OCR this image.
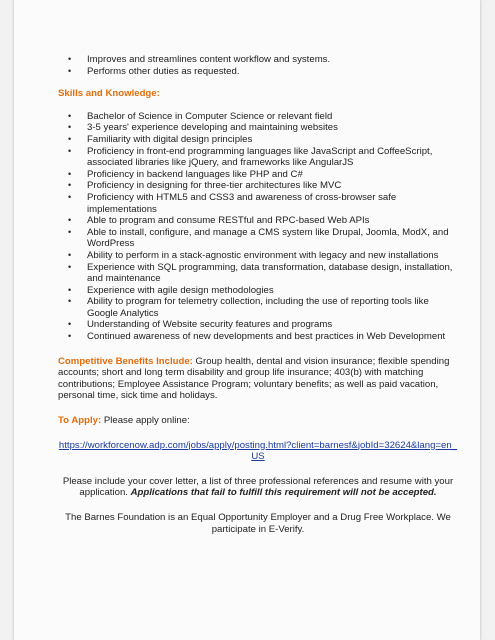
• Improves and streamlines content workflow and systems.
• Performs other duties as requested.
Skills and Knowledge:
• Bachelor of Science in Computer Science or relevant field
• 3-5 years' experience developing and maintaining websites
• Familiarity with digital design principles
• Proficiency in front-end programming languages like JavaScript and CoffeeScript, associated libraries like jQuery, and frameworks like AngularJS
• Proficiency in backend languages like PHP and C#
• Proficiency in designing for three-tier architectures like MVC
• Proficiency with HTML5 and CSS3 and awareness of cross-browser safe implementations
• Able to program and consume RESTful and RPC-based Web APIs
• Able to install, configure, and manage a CMS system like Drupal, Joomla, ModX, and WordPress
• Ability to perform in a stack-agnostic environment with legacy and new installations
• Experience with SQL programming, data transformation, database design, installation, and maintenance
• Experience with agile design methodologies
• Ability to program for telemetry collection, including the use of reporting tools like Google Analytics
• Understanding of Website security features and programs
• Continued awareness of new developments and best practices in Web Development
Competitive Benefits Include: Group health, dental and vision insurance; flexible spending accounts; short and long term disability and group life insurance; 403(b) with matching contributions; Employee Assistance Program; voluntary benefits; as well as paid vacation, personal time, sick time and holidays.
To Apply: Please apply online:
https://workforcenow.adp.com/jobs/apply/posting.html?client=barnesf&jobId=32624&lang=en_US
Please include your cover letter, a list of three professional references and resume with your application. Applications that fail to fulfill this requirement will not be accepted.
The Barnes Foundation is an Equal Opportunity Employer and a Drug Free Workplace. We participate in E-Verify.
